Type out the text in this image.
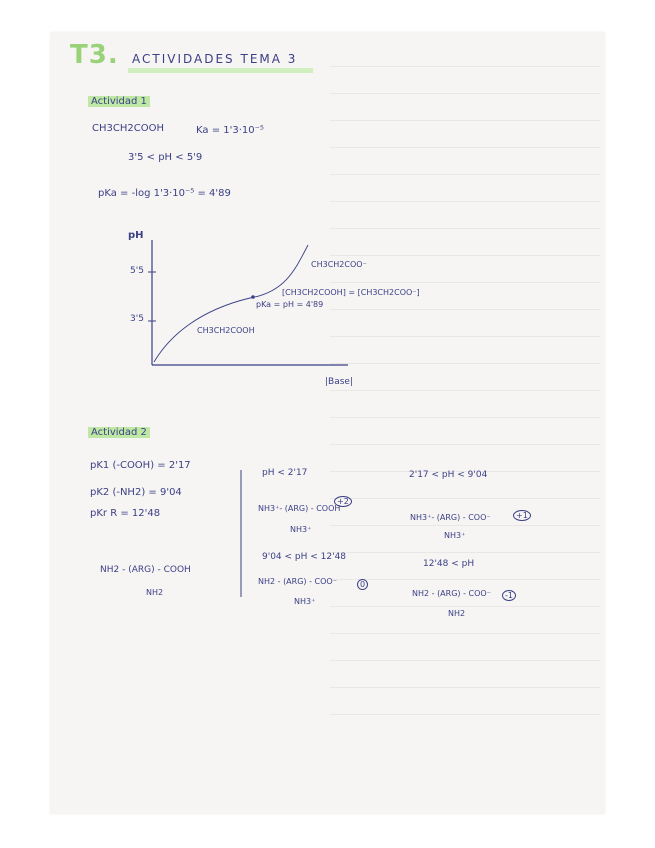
T3. ACTIVIDADES TEMA 3
Actividad 1
CH3CH2COOH	Ka = 1'3·10⁻⁵
3'5 < pH < 5'9
pKa = -log 1'3·10⁻⁵ = 4'89
pH
5'5
3'5
CH3CH2COO⁻
[CH3CH2COOH] = [CH3CH2COO⁻]
pKa = pH = 4'89
CH3CH2COOH
|Base|
Actividad 2
pK1 (-COOH) = 2'17
pK2 (-NH2) = 9'04
pKr R = 12'48
NH2 - (ARG) - COOH
NH2
pH < 2'17
NH3⁺- (ARG) - COOH
NH3⁺
+2
2'17 < pH < 9'04
NH3⁺- (ARG) - COO⁻
NH3⁺
+1
9'04 < pH < 12'48
NH2 - (ARG) - COO⁻
NH3⁺
0
12'48 < pH
NH2 - (ARG) - COO⁻
NH2
-1
